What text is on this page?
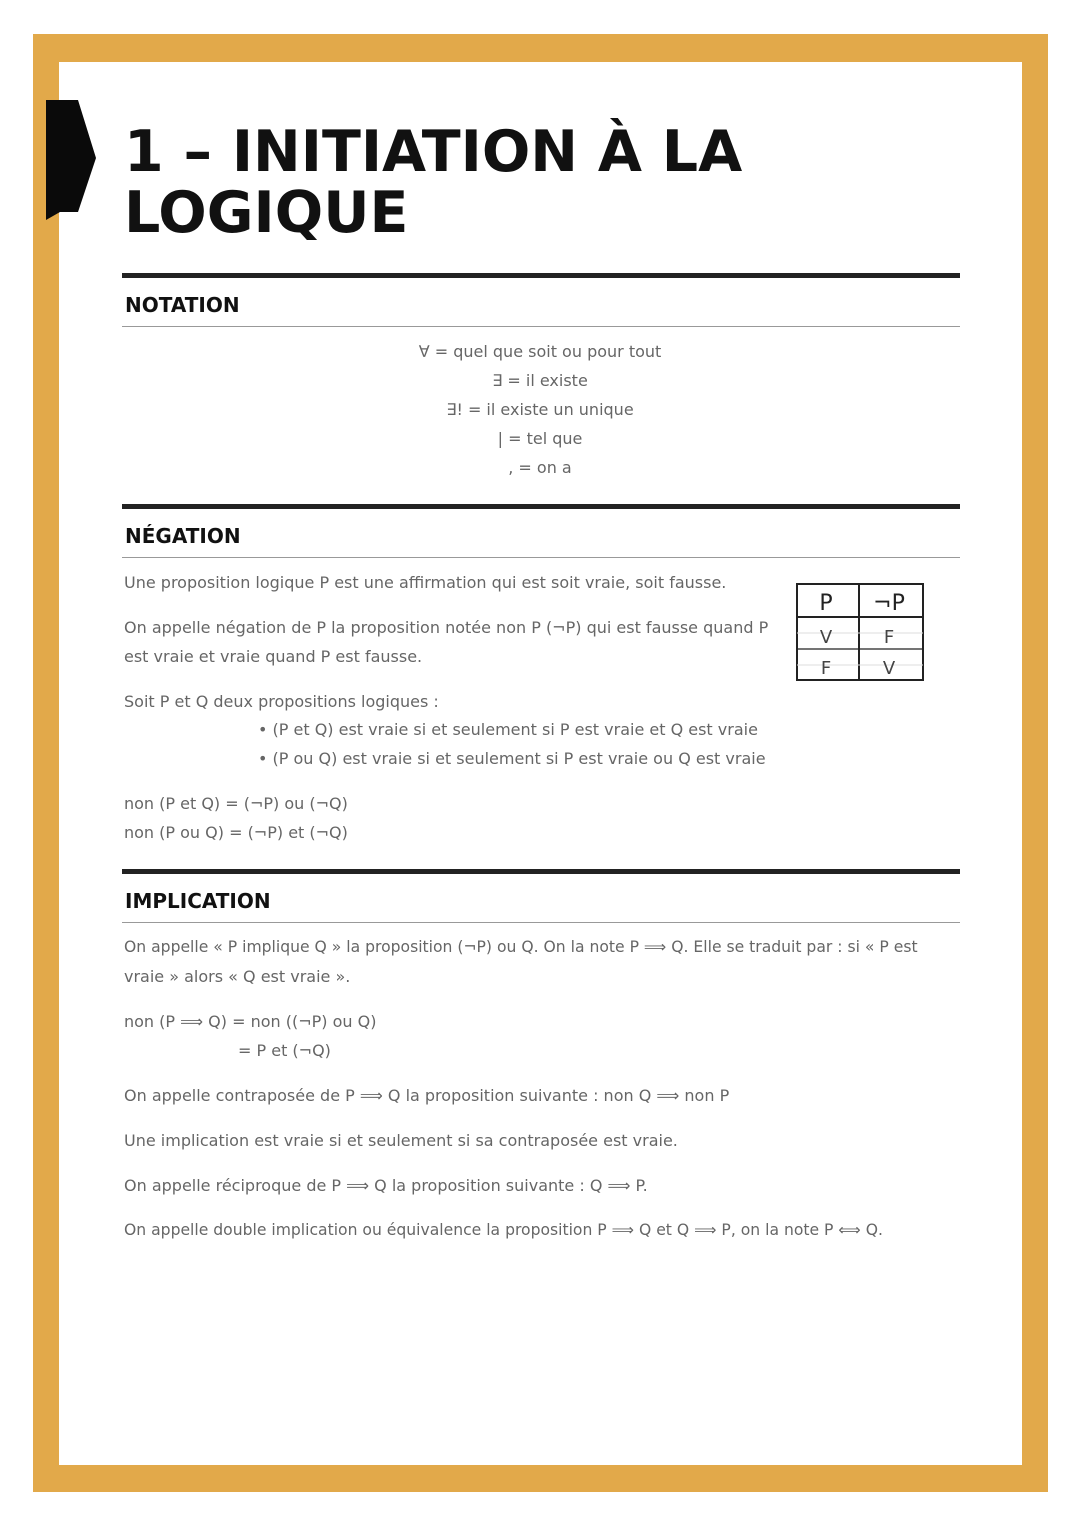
1 – INITIATION À LA
LOGIQUE
NOTATION
∀ = quel que soit ou pour tout
∃ = il existe
∃! = il existe un unique
| = tel que
, = on a
NÉGATION
Une proposition logique P est une affirmation qui est soit vraie, soit fausse.
On appelle négation de P la proposition notée non P (¬P) qui est fausse quand P
est vraie et vraie quand P est fausse.
Soit P et Q deux propositions logiques :
• (P et Q) est vraie si et seulement si P est vraie et Q est vraie
• (P ou Q) est vraie si et seulement si P est vraie ou Q est vraie
non (P et Q) = (¬P) ou (¬Q)
non (P ou Q) = (¬P) et (¬Q)
P ¬P
V	F
F	V
IMPLICATION
On appelle « P implique Q » la proposition (¬P) ou Q. On la note P ⟹ Q. Elle se traduit par : si « P est
vraie » alors « Q est vraie ».
non (P ⟹ Q) = non ((¬P) ou Q)
= P et (¬Q)
On appelle contraposée de P ⟹ Q la proposition suivante : non Q ⟹ non P
Une implication est vraie si et seulement si sa contraposée est vraie.
On appelle réciproque de P ⟹ Q la proposition suivante : Q ⟹ P.
On appelle double implication ou équivalence la proposition P ⟹ Q et Q ⟹ P, on la note P ⟺ Q.
